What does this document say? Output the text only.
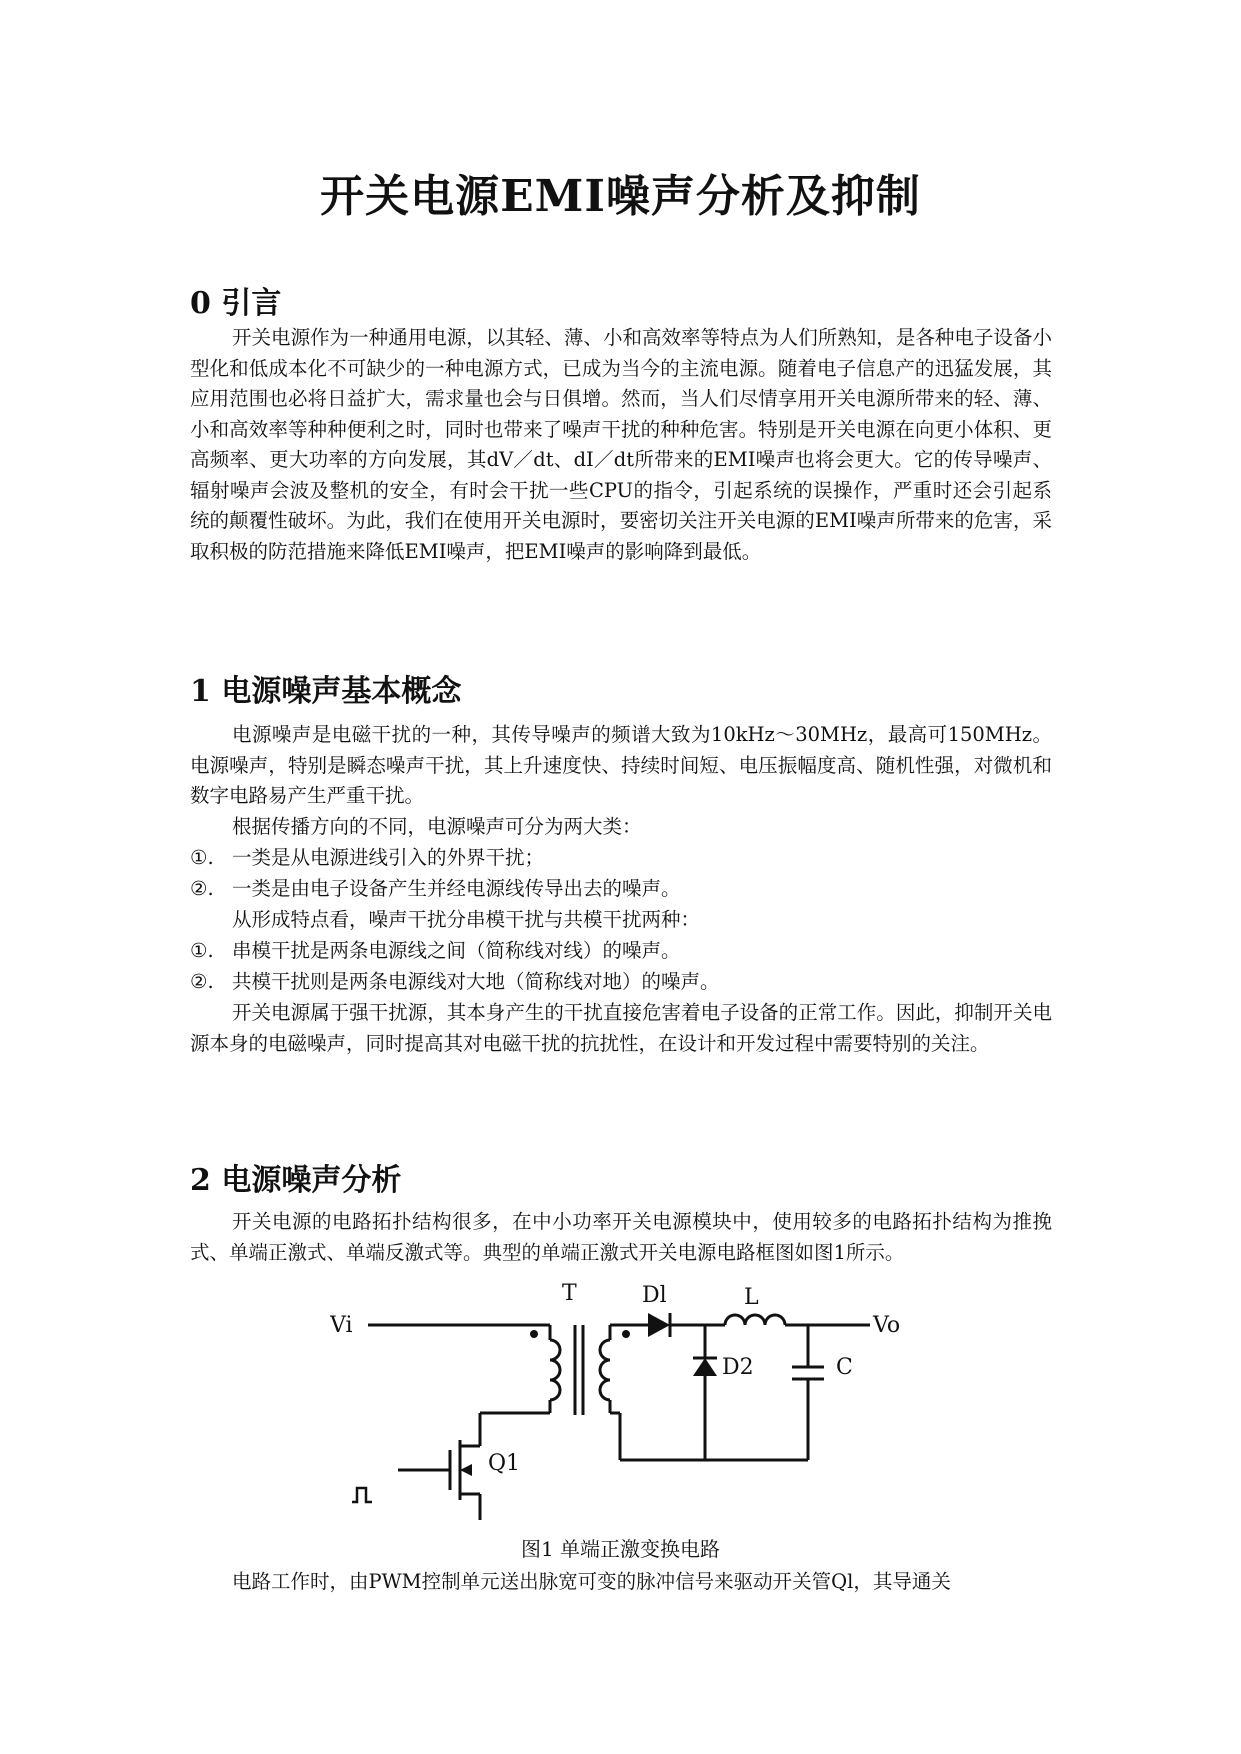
开关电源EMI噪声分析及抑制
0 引言

开关电源作为一种通用电源，以其轻、薄、小和高效率等特点为人们所熟知，是各种电子设备小型化和低成本化不可缺少的一种电源方式，已成为当今的主流电源。随着电子信息产的迅猛发展，其应用范围也必将日益扩大，需求量也会与日俱增。然而，当人们尽情享用开关电源所带来的轻、薄、小和高效率等种种便利之时，同时也带来了噪声干扰的种种危害。特别是开关电源在向更小体积、更高频率、更大功率的方向发展，其dV／dt、dI／dt所带来的EMI噪声也将会更大。它的传导噪声、辐射噪声会波及整机的安全，有时会干扰一些CPU的指令，引起系统的误操作，严重时还会引起系统的颠覆性破坏。为此，我们在使用开关电源时，要密切关注开关电源的EMI噪声所带来的危害，采取积极的防范措施来降低EMI噪声，把EMI噪声的影响降到最低。

1 电源噪声基本概念

电源噪声是电磁干扰的一种，其传导噪声的频谱大致为10kHz～30MHz，最高可150MHz。电源噪声，特别是瞬态噪声干扰，其上升速度快、持续时间短、电压振幅度高、随机性强，对微机和数字电路易产生严重干扰。

根据传播方向的不同，电源噪声可分为两大类：
①. 一类是从电源进线引入的外界干扰；
②. 一类是由电子设备产生并经电源线传导出去的噪声。
从形成特点看，噪声干扰分串模干扰与共模干扰两种：
①. 串模干扰是两条电源线之间（简称线对线）的噪声。
②. 共模干扰则是两条电源线对大地（简称线对地）的噪声。

开关电源属于强干扰源，其本身产生的干扰直接危害着电子设备的正常工作。因此，抑制开关电源本身的电磁噪声，同时提高其对电磁干扰的抗扰性，在设计和开发过程中需要特别的关注。

2 电源噪声分析

开关电源的电路拓扑结构很多，在中小功率开关电源模块中，使用较多的电路拓扑结构为推挽式、单端正激式、单端反激式等。典型的单端正激式开关电源电路框图如图1所示。

Vi
T	Dl	L
Vo
D2	C
Q1
图1 单端正激变换电路
电路工作时，由PWM控制单元送出脉宽可变的脉冲信号来驱动开关管Ql，其导通关
